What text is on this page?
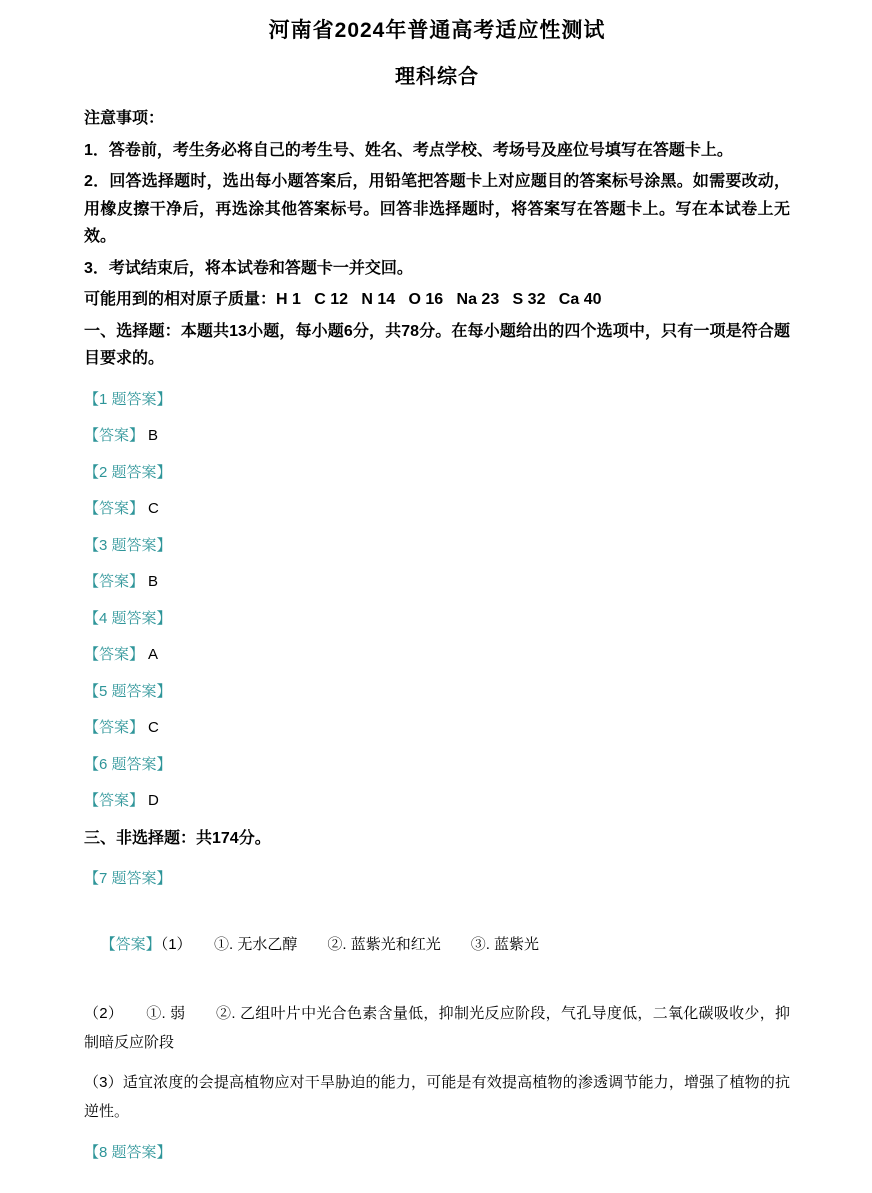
河南省2024年普通高考适应性测试
理科综合

注意事项：

1．答卷前，考生务必将自己的考生号、姓名、考点学校、考场号及座位号填写在答题卡上。

2．回答选择题时，选出每小题答案后，用铅笔把答题卡上对应题目的答案标号涂黑。如需要改动，用橡皮擦干净后，再选涂其他答案标号。回答非选择题时，将答案写在答题卡上。写在本试卷上无效。

3．考试结束后，将本试卷和答题卡一并交回。

可能用到的相对原子质量：H 1   C 12   N 14   O 16   Na 23   S 32   Ca 40

一、选择题：本题共13小题，每小题6分，共78分。在每小题给出的四个选项中，只有一项是符合题目要求的。

【1 题答案】

【答案】 B

【2 题答案】

【答案】 C

【3 题答案】

【答案】 B

【4 题答案】

【答案】 A

【5 题答案】

【答案】 C

【6 题答案】

【答案】 D

三、非选择题：共174分。

【7 题答案】

【答案】（1）　　①. 无水乙醇　　②. 蓝紫光和红光　　③. 蓝紫光

（2）　　①. 弱　　②. 乙组叶片中光合色素含量低，抑制光反应阶段，气孔导度低，二氧化碳吸收少，抑制暗反应阶段

（3）适宜浓度的会提高植物应对干旱胁迫的能力，可能是有效提高植物的渗透调节能力，增强了植物的抗逆性。

【8 题答案】
